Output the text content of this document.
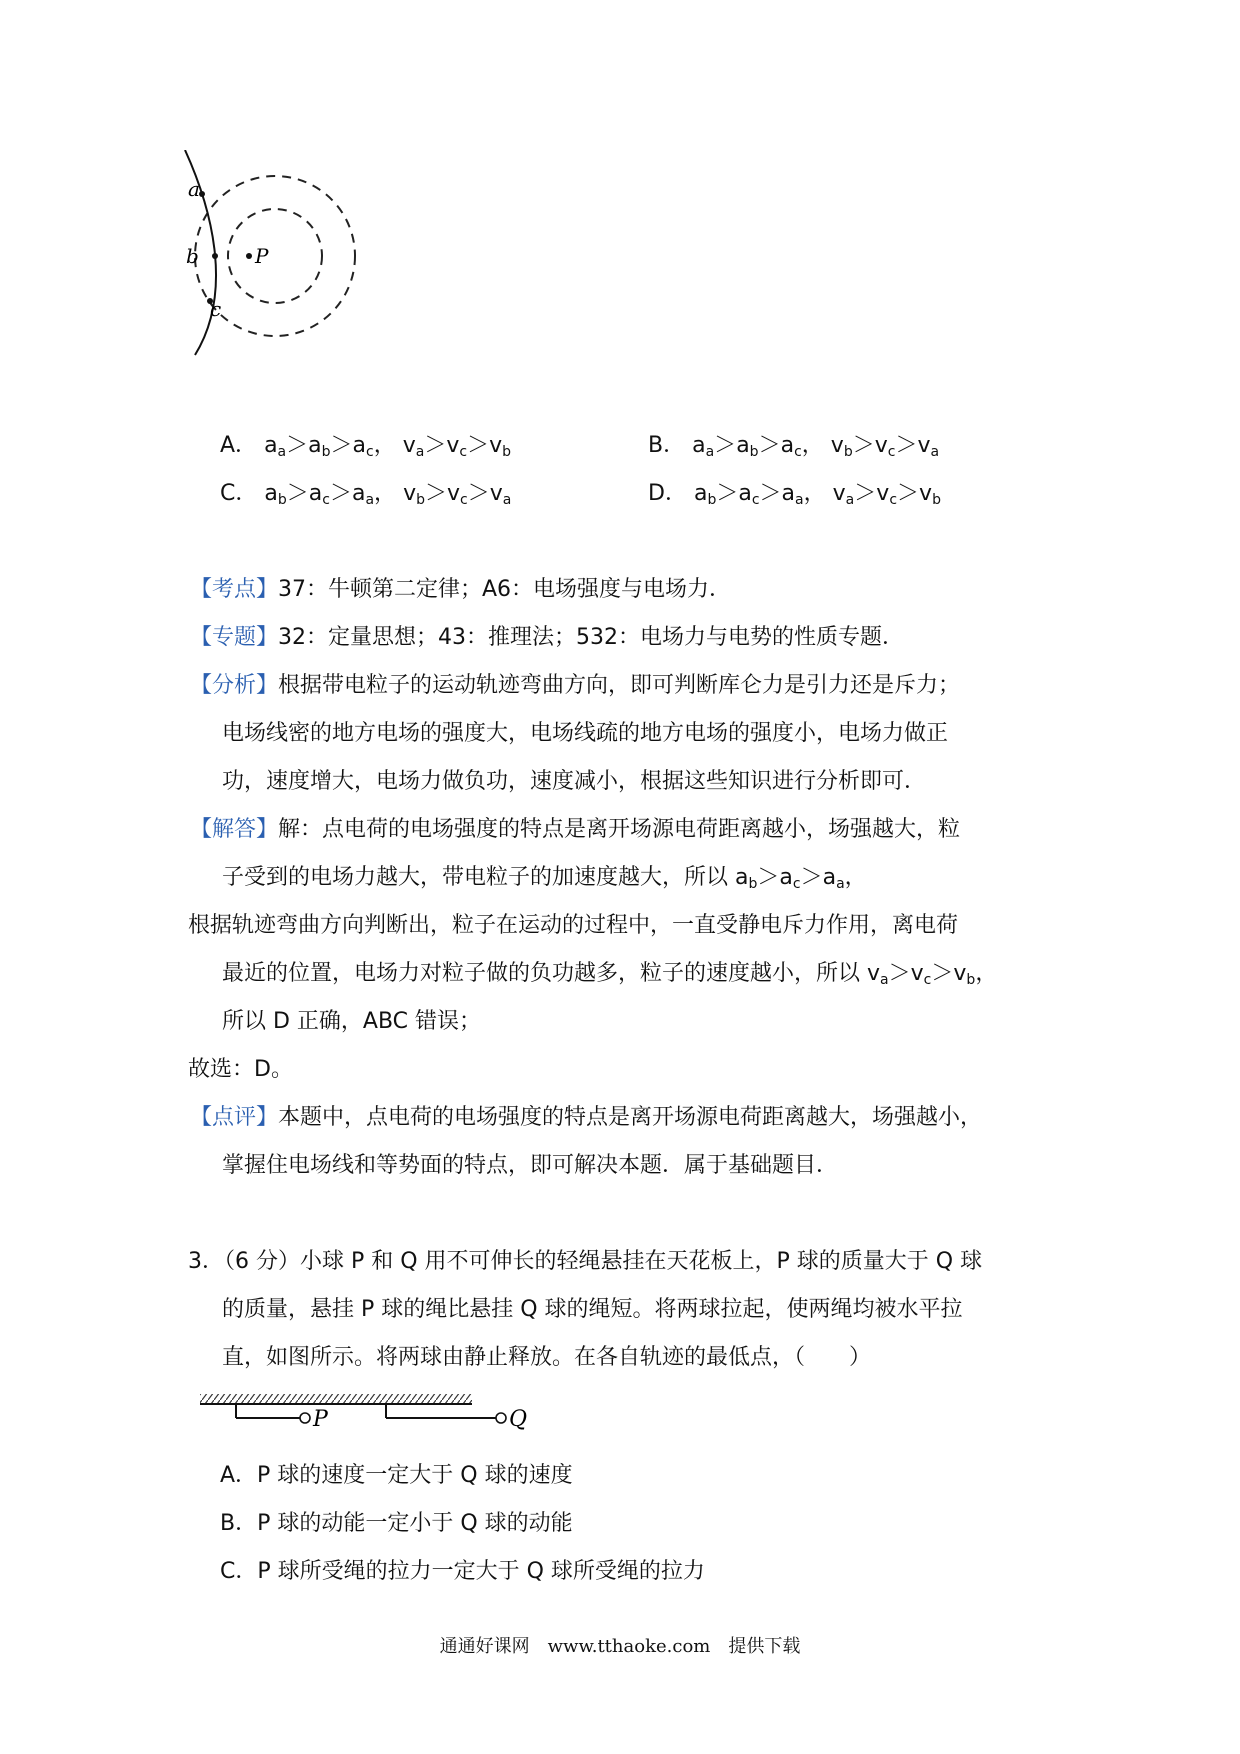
a
b
c
P
A． $a_a>a_b>a_c$， $v_a>v_c>v_b$	B． $a_a>a_b>a_c$， $v_b>v_c>v_a$
C． $a_b>a_c>a_a$， $v_b>v_c>v_a$	D． $a_b>a_c>a_a$， $v_a>v_c>v_b$
【考点】37：牛顿第二定律；A6：电场强度与电场力．
【专题】32：定量思想；43：推理法；532：电场力与电势的性质专题．
【分析】根据带电粒子的运动轨迹弯曲方向，即可判断库仑力是引力还是斥力；
电场线密的地方电场的强度大，电场线疏的地方电场的强度小，电场力做正
功，速度增大，电场力做负功，速度减小，根据这些知识进行分析即可．
【解答】解：点电荷的电场强度的特点是离开场源电荷距离越小，场强越大，粒
子受到的电场力越大，带电粒子的加速度越大，所以 $a_b>a_c>a_a$，
根据轨迹弯曲方向判断出，粒子在运动的过程中，一直受静电斥力作用，离电荷
最近的位置，电场力对粒子做的负功越多，粒子的速度越小，所以 $v_a>v_c>v_b$，
所以 D 正确，ABC 错误；
故选：D。
【点评】本题中，点电荷的电场强度的特点是离开场源电荷距离越大，场强越小，
掌握住电场线和等势面的特点，即可解决本题．属于基础题目．
3．（6 分）小球 P 和 Q 用不可伸长的轻绳悬挂在天花板上，P 球的质量大于 Q 球
的质量，悬挂 P 球的绳比悬挂 Q 球的绳短。将两球拉起，使两绳均被水平拉
直，如图所示。将两球由静止释放。在各自轨迹的最低点，（　　）
P	Q
A．P 球的速度一定大于 Q 球的速度
B．P 球的动能一定小于 Q 球的动能
C．P 球所受绳的拉力一定大于 Q 球所受绳的拉力
通通好课网　www.tthaoke.com　提供下载
